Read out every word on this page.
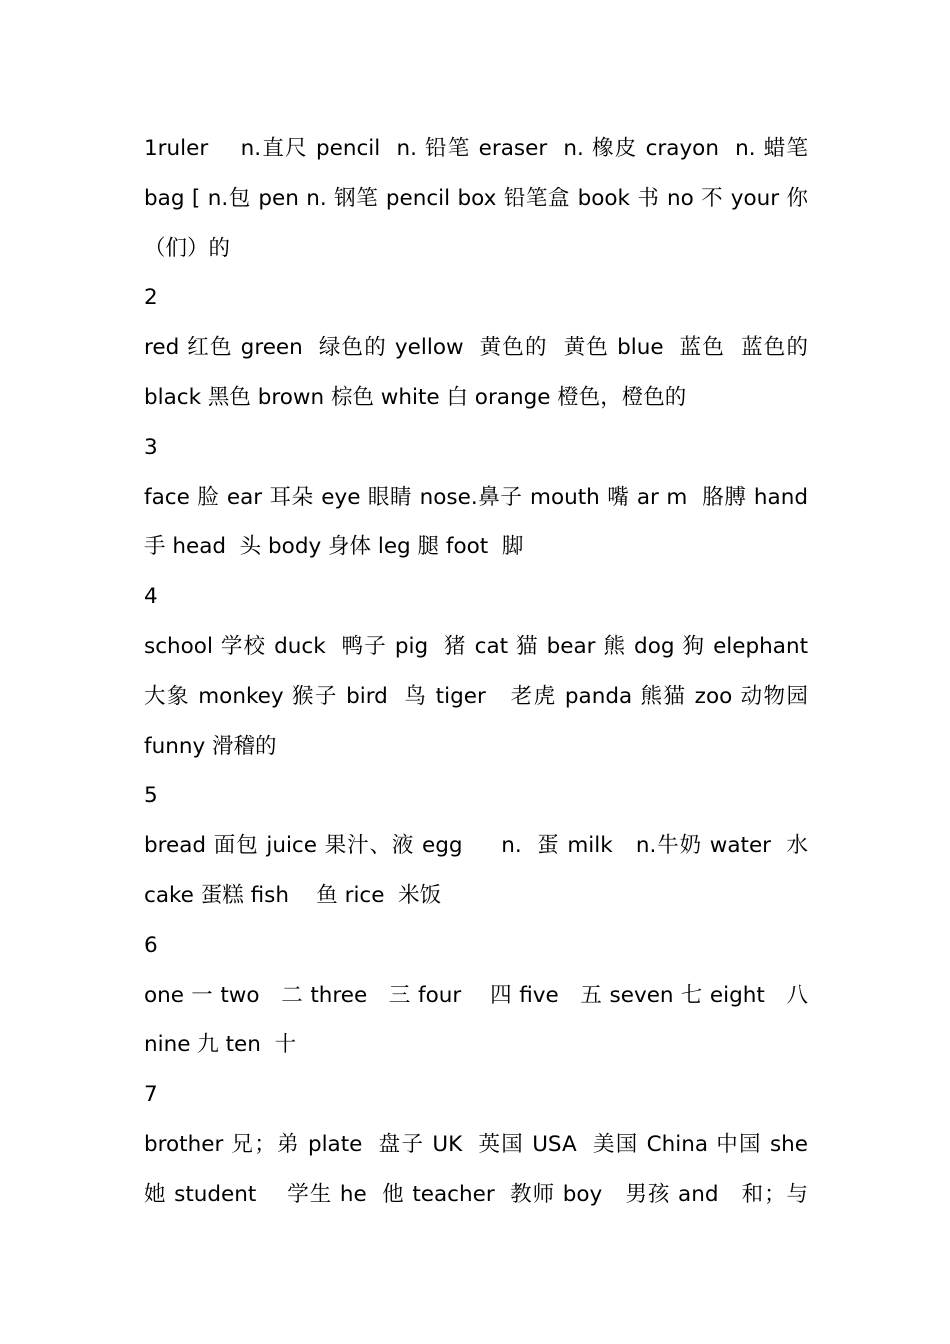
1ruler    n.直尺 pencil  n. 铅笔 eraser  n. 橡皮 crayon  n. 蜡笔
bag [ n.包 pen n. 钢笔 pencil box 铅笔盒 book 书 no 不 your 你
（们）的
2
red 红色 green  绿色的 yellow  黄色的  黄色 blue  蓝色  蓝色的
black 黑色 brown 棕色 white 白 orange 橙色，橙色的
3
face 脸 ear 耳朵 eye 眼睛 nose.鼻子 mouth 嘴 ar m  胳膊 hand
手 head  头 body 身体 leg 腿 foot  脚
4
school 学校 duck  鸭子 pig  猪 cat 猫 bear 熊 dog 狗 elephant
大象 monkey 猴子 bird  鸟 tiger   老虎 panda 熊猫 zoo 动物园
funny 滑稽的
5
bread 面包 juice 果汁、液 egg     n.  蛋 milk   n.牛奶 water  水
cake 蛋糕 fish    鱼 rice  米饭
6
one 一 two   二 three   三 four    四 five   五 seven 七 eight   八
nine 九 ten  十
7
brother 兄；弟 plate  盘子 UK  英国 USA  美国 China 中国 she
她 student    学生 he  他 teacher  教师 boy   男孩 and   和；与
